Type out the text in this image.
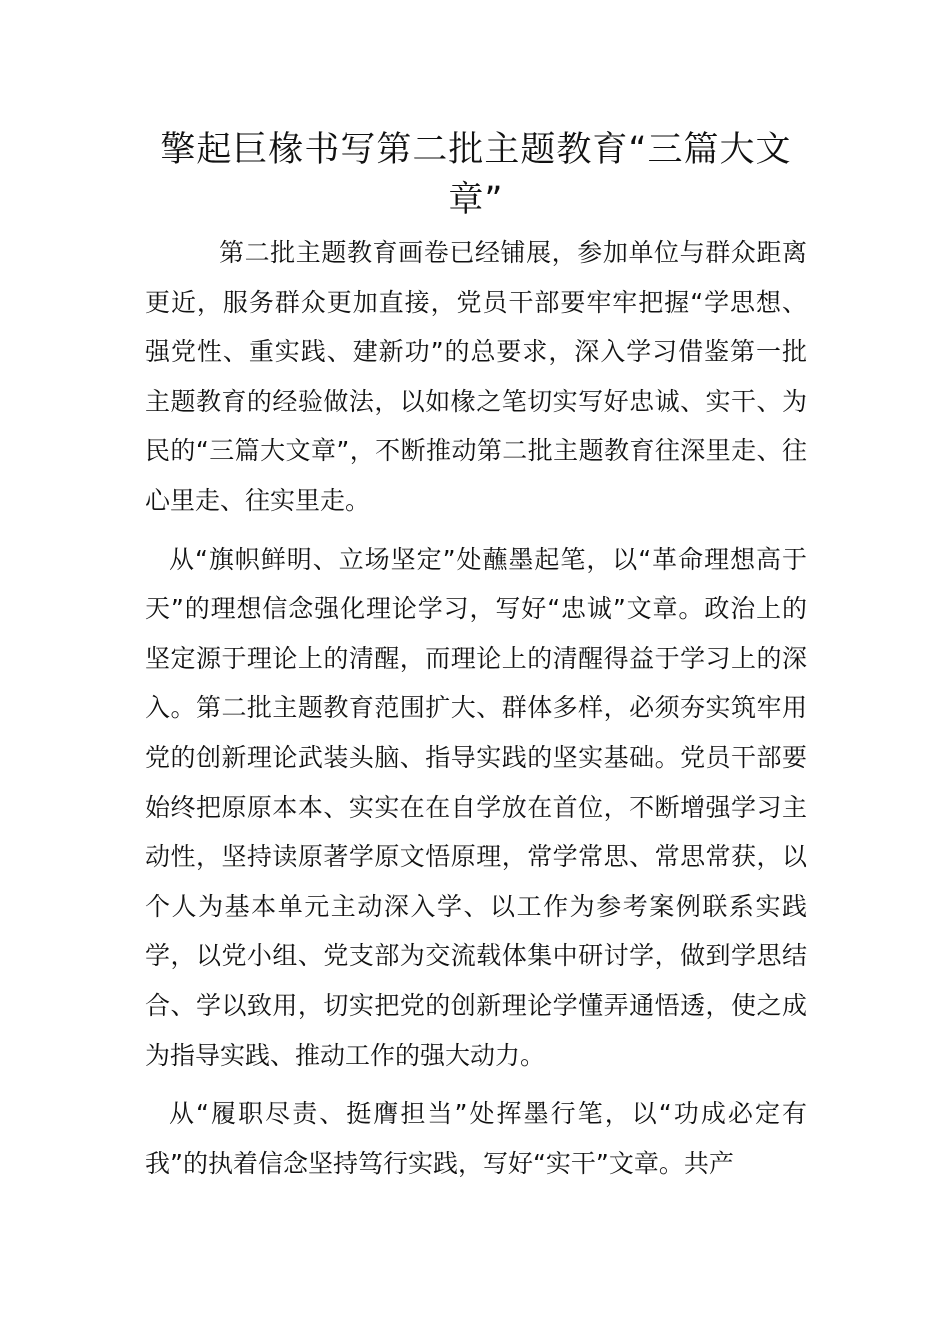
擎起巨椽书写第二批主题教育“三篇大文章”

第二批主题教育画卷已经铺展，参加单位与群众距离更近，服务群众更加直接，党员干部要牢牢把握“学思想、强党性、重实践、建新功”的总要求，深入学习借鉴第一批主题教育的经验做法，以如椽之笔切实写好忠诚、实干、为民的“三篇大文章”，不断推动第二批主题教育往深里走、往心里走、往实里走。

从“旗帜鲜明、立场坚定”处蘸墨起笔，以“革命理想高于天”的理想信念强化理论学习，写好“忠诚”文章。政治上的坚定源于理论上的清醒，而理论上的清醒得益于学习上的深入。第二批主题教育范围扩大、群体多样，必须夯实筑牢用党的创新理论武装头脑、指导实践的坚实基础。党员干部要始终把原原本本、实实在在自学放在首位，不断增强学习主动性，坚持读原著学原文悟原理，常学常思、常思常获，以个人为基本单元主动深入学、以工作为参考案例联系实践学，以党小组、党支部为交流载体集中研讨学，做到学思结合、学以致用，切实把党的创新理论学懂弄通悟透，使之成为指导实践、推动工作的强大动力。

从“履职尽责、挺膺担当”处挥墨行笔，以“功成必定有我”的执着信念坚持笃行实践，写好“实干”文章。共产
